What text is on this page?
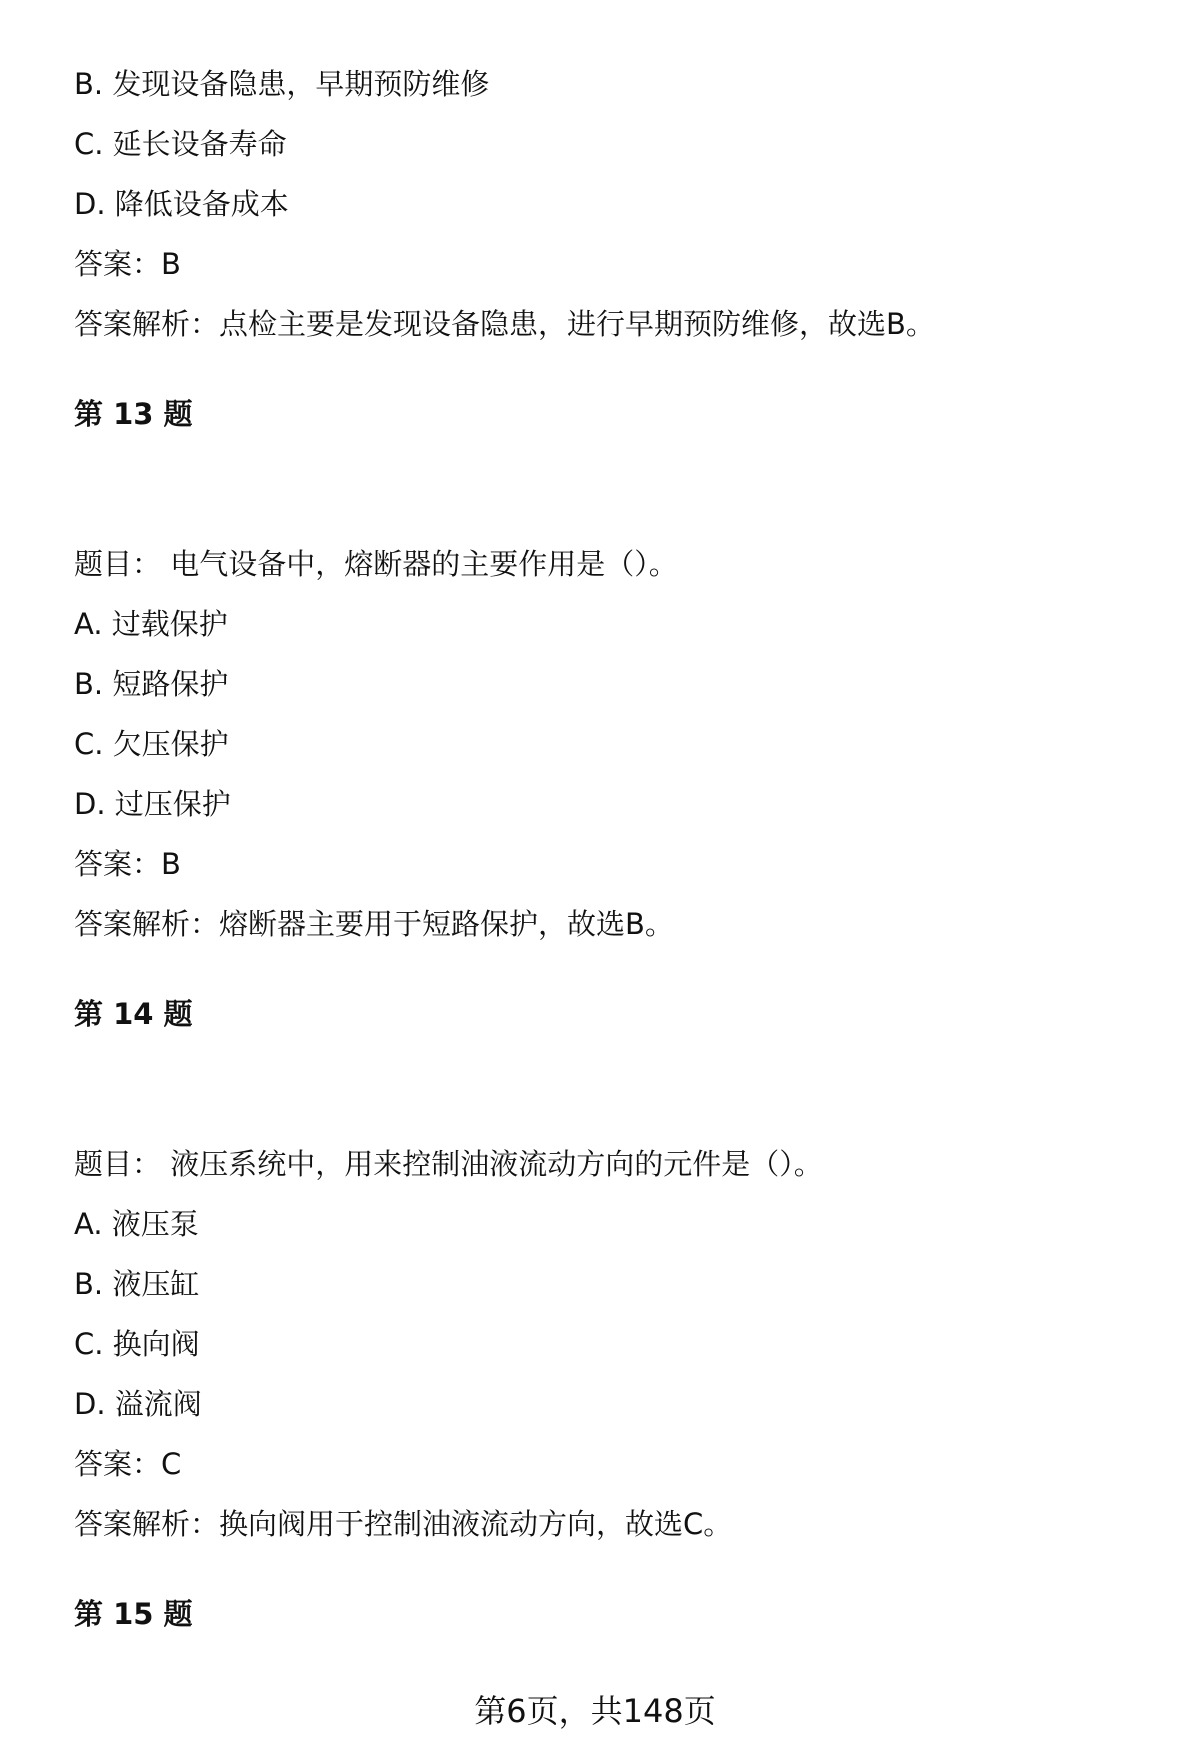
B. 发现设备隐患，早期预防维修
C. 延长设备寿命
D. 降低设备成本
答案：B
答案解析：点检主要是发现设备隐患，进行早期预防维修，故选B。
第 13 题
题目： 电气设备中，熔断器的主要作用是（）。
A. 过载保护
B. 短路保护
C. 欠压保护
D. 过压保护
答案：B
答案解析：熔断器主要用于短路保护，故选B。
第 14 题
题目： 液压系统中，用来控制油液流动方向的元件是（）。
A. 液压泵
B. 液压缸
C. 换向阀
D. 溢流阀
答案：C
答案解析：换向阀用于控制油液流动方向，故选C。
第 15 题
第6页，共148页
